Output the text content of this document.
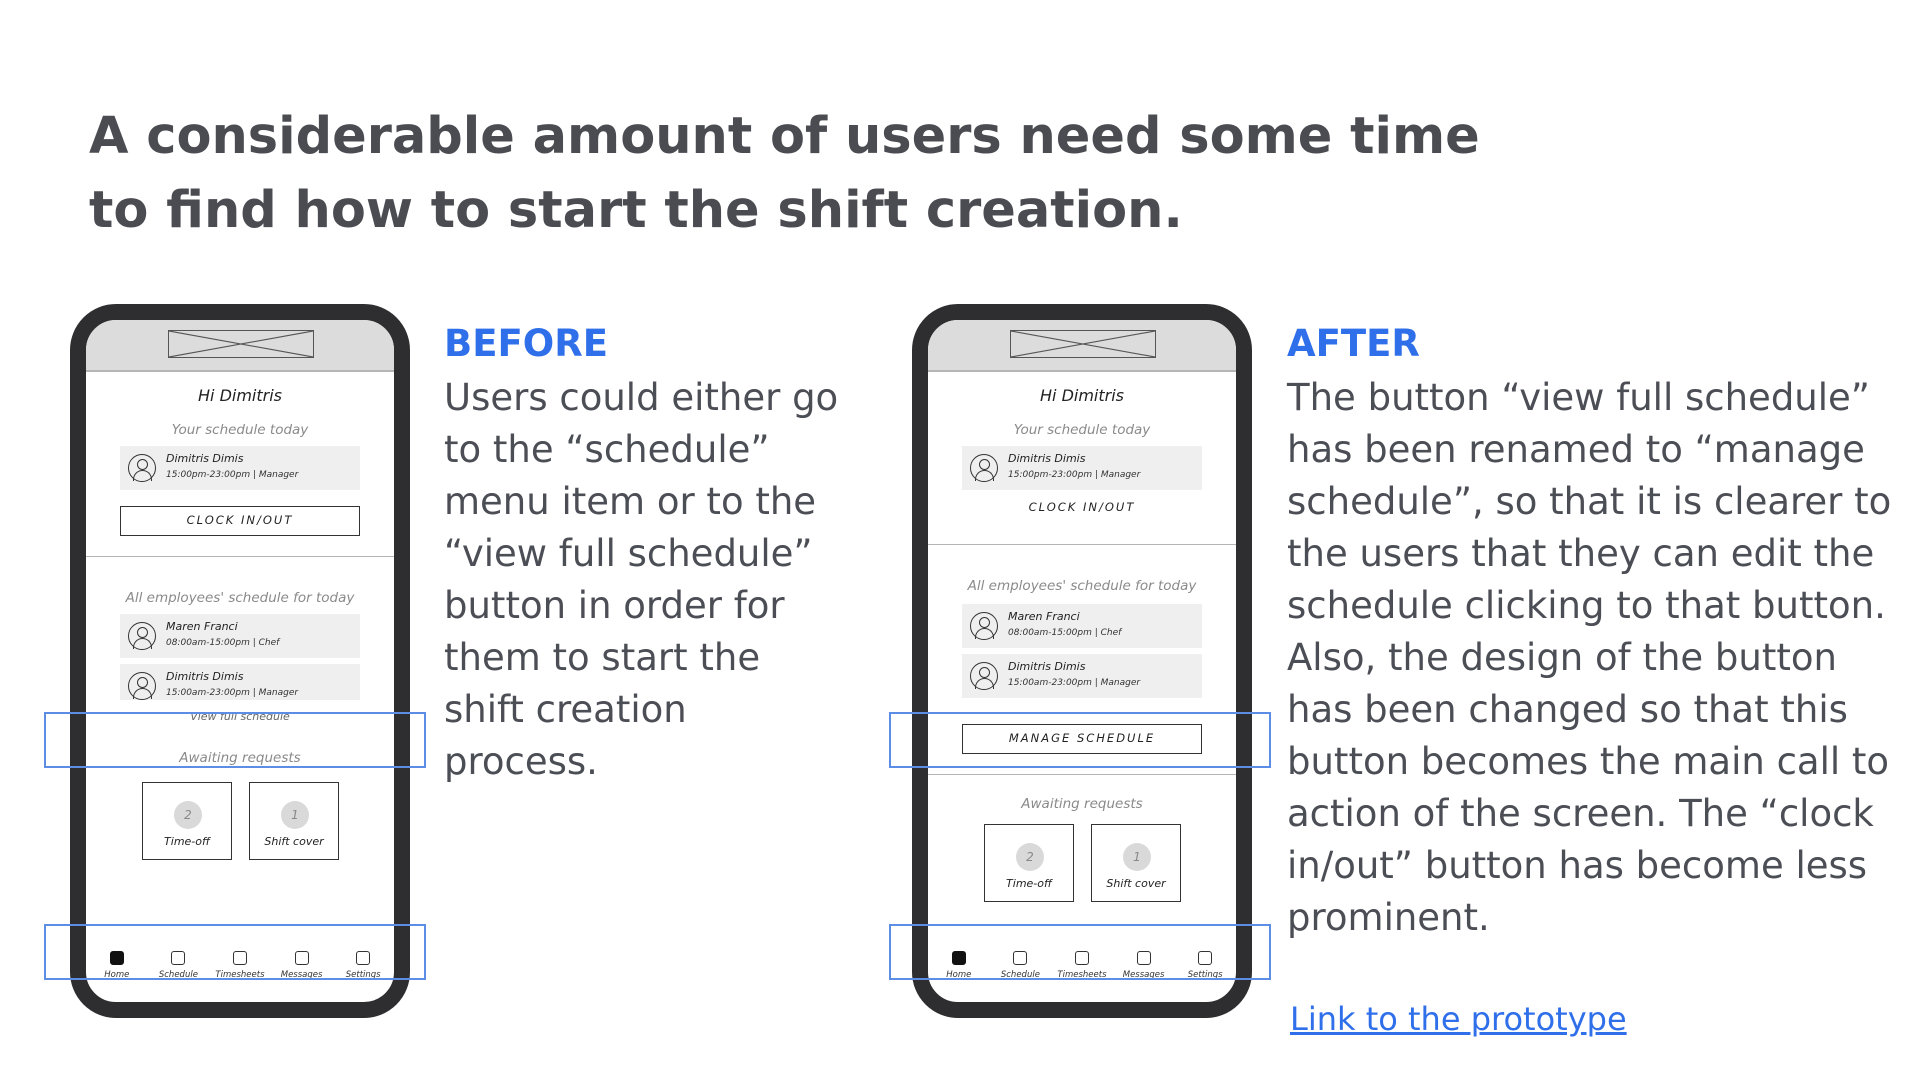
A considerable amount of users need some time to find how to start the shift creation.
Hi Dimitris
Your schedule today
Dimitris Dimis
15:00pm-23:00pm | Manager
CLOCK IN/OUT
All employees' schedule for today
Maren Franci
08:00am-15:00pm | Chef
Dimitris Dimis
15:00am-23:00pm | Manager
View full schedule
Awaiting requests
2
Time-off
1
Shift cover
Home	Schedule	Timesheets	Messages	Settings
Hi Dimitris
Your schedule today
Dimitris Dimis
15:00pm-23:00pm | Manager
CLOCK IN/OUT
All employees' schedule for today
Maren Franci
08:00am-15:00pm | Chef
Dimitris Dimis
15:00am-23:00pm | Manager
MANAGE SCHEDULE
Awaiting requests
2
Time-off
1
Shift cover
Home	Schedule	Timesheets	Messages	Settings
BEFORE

Users could either go to the “schedule” menu item or to the “view full schedule” button in order for them to start the shift creation process.

AFTER

The button “view full schedule” has been renamed to “manage schedule”, so that it is clearer to the users that they can edit the schedule clicking to that button. Also, the design of the button has been changed so that this button becomes the main call to action of the screen. The “clock in/out” button has become less prominent.

Link to the prototype
